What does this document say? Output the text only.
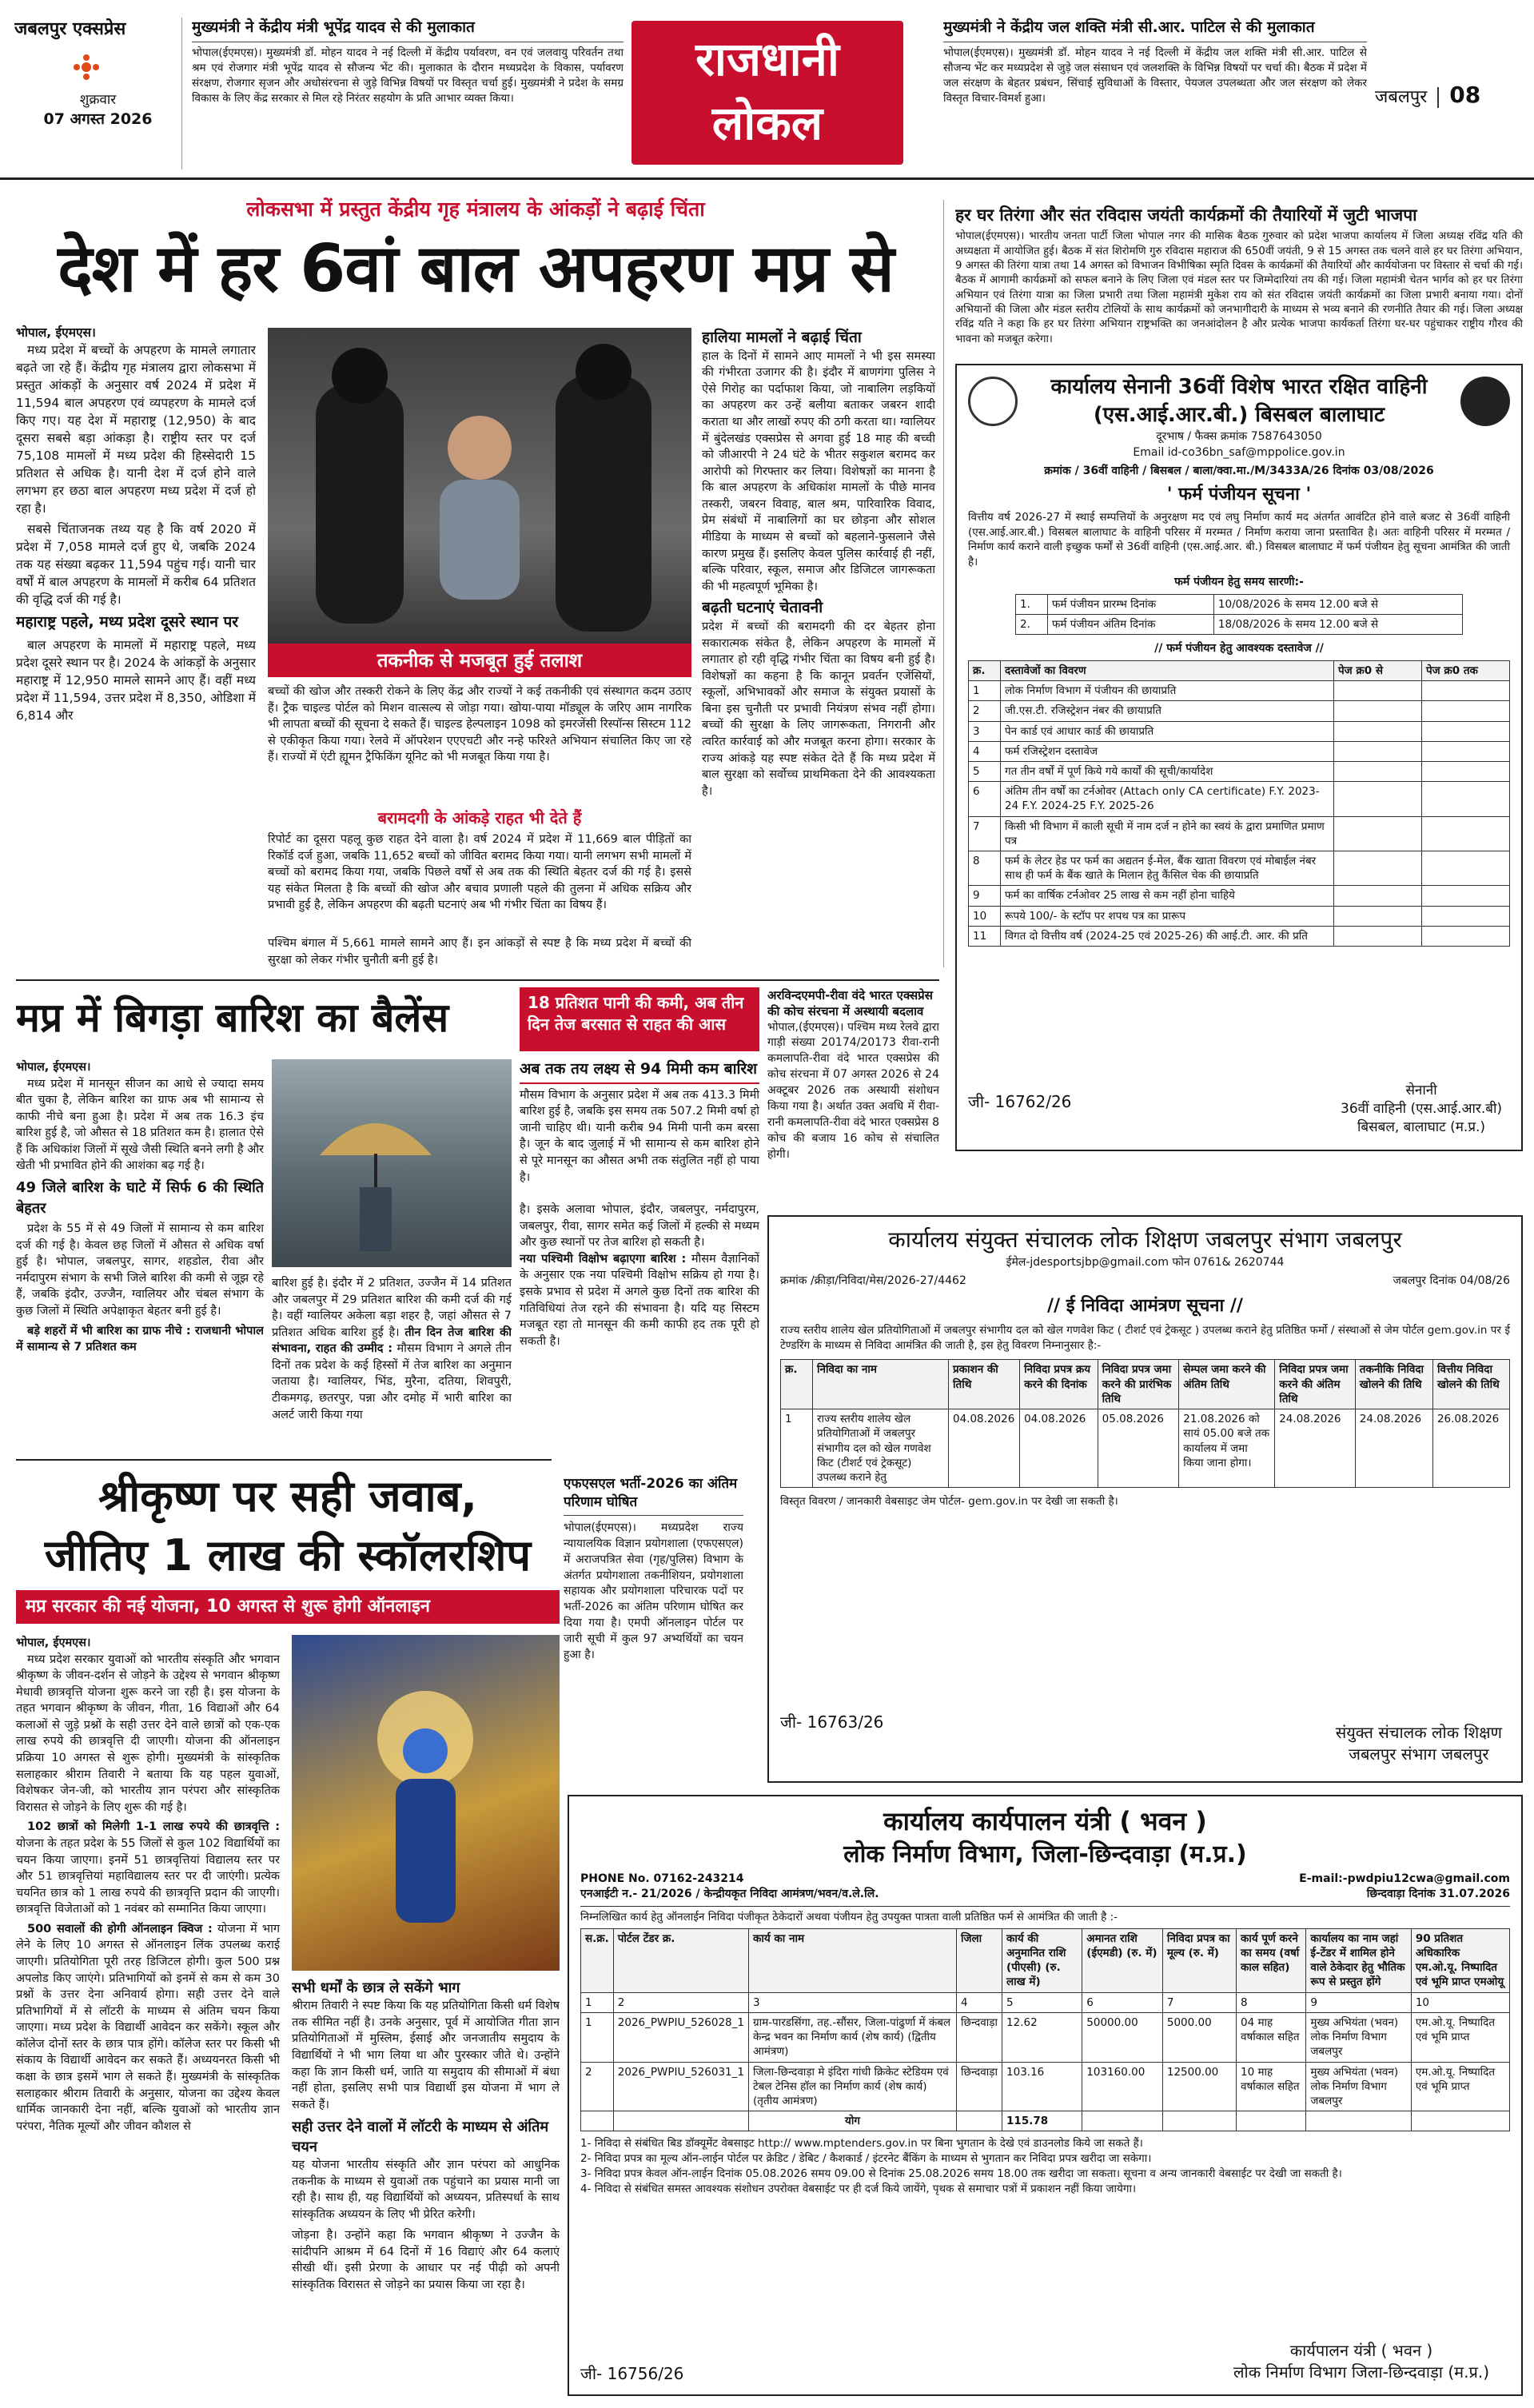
जबलपुर एक्सप्रेस
शुक्रवार
07 अगस्त 2026
मुख्यमंत्री ने केंद्रीय मंत्री भूपेंद्र यादव से की मुलाकात
भोपाल(ईएमएस)। मुख्यमंत्री डॉ. मोहन यादव ने नई दिल्ली में केंद्रीय पर्यावरण, वन एवं जलवायु परिवर्तन तथा श्रम एवं रोजगार मंत्री भूपेंद्र यादव से सौजन्य भेंट की। मुलाकात के दौरान मध्यप्रदेश के विकास, पर्यावरण संरक्षण, रोजगार सृजन और अधोसंरचना से जुड़े विभिन्न विषयों पर विस्तृत चर्चा हुई। मुख्यमंत्री ने प्रदेश के समग्र विकास के लिए केंद्र सरकार से मिल रहे निरंतर सहयोग के प्रति आभार व्यक्त किया।
राजधानी
लोकल
मुख्यमंत्री ने केंद्रीय जल शक्ति मंत्री सी.आर. पाटिल से की मुलाकात
भोपाल(ईएमएस)। मुख्यमंत्री डॉ. मोहन यादव ने नई दिल्ली में केंद्रीय जल शक्ति मंत्री सी.आर. पाटिल से सौजन्य भेंट कर मध्यप्रदेश से जुड़े जल संसाधन एवं जलशक्ति के विभिन्न विषयों पर चर्चा की। बैठक में प्रदेश में जल संरक्षण के बेहतर प्रबंधन, सिंचाई सुविधाओं के विस्तार, पेयजल उपलब्धता और जल संरक्षण को लेकर विस्तृत विचार-विमर्श हुआ।	जबलपुर 08
लोकसभा में प्रस्तुत केंद्रीय गृह मंत्रालय के आंकड़ों ने बढ़ाई चिंता
देश में हर 6वां बाल अपहरण मप्र से
भोपाल, ईएमएस।

मध्य प्रदेश में बच्चों के अपहरण के मामले लगातार बढ़ते जा रहे हैं। केंद्रीय गृह मंत्रालय द्वारा लोकसभा में प्रस्तुत आंकड़ों के अनुसार वर्ष 2024 में प्रदेश में 11,594 बाल अपहरण एवं व्यपहरण के मामले दर्ज किए गए। यह देश में महाराष्ट्र (12,950) के बाद दूसरा सबसे बड़ा आंकड़ा है। राष्ट्रीय स्तर पर दर्ज 75,108 मामलों में मध्य प्रदेश की हिस्सेदारी 15 प्रतिशत से अधिक है। यानी देश में दर्ज होने वाले लगभग हर छठा बाल अपहरण मध्य प्रदेश में दर्ज हो रहा है।

सबसे चिंताजनक तथ्य यह है कि वर्ष 2020 में प्रदेश में 7,058 मामले दर्ज हुए थे, जबकि 2024 तक यह संख्या बढ़कर 11,594 पहुंच गई। यानी चार वर्षों में बाल अपहरण के मामलों में करीब 64 प्रतिशत की वृद्धि दर्ज की गई है।

महाराष्ट्र पहले, मध्य प्रदेश दूसरे स्थान पर

बाल अपहरण के मामलों में महाराष्ट्र पहले, मध्य प्रदेश दूसरे स्थान पर है। 2024 के आंकड़ों के अनुसार महाराष्ट्र में 12,950 मामले सामने आए हैं। वहीं मध्य प्रदेश में 11,594, उत्तर प्रदेश में 8,350, ओडिशा में 6,814 और

तकनीक से मजबूत हुई तलाश
बच्चों की खोज और तस्करी रोकने के लिए केंद्र और राज्यों ने कई तकनीकी एवं संस्थागत कदम उठाए हैं। ट्रैक चाइल्ड पोर्टल को मिशन वात्सल्य से जोड़ा गया। खोया-पाया मॉड्यूल के जरिए आम नागरिक भी लापता बच्चों की सूचना दे सकते हैं। चाइल्ड हेल्पलाइन 1098 को इमरजेंसी रिस्पॉन्स सिस्टम 112 से एकीकृत किया गया। रेलवे में ऑपरेशन एएएचटी और नन्हे फरिश्ते अभियान संचालित किए जा रहे हैं। राज्यों में एंटी ह्यूमन ट्रैफिकिंग यूनिट को भी मजबूत किया गया है।
बरामदगी के आंकड़े राहत भी देते हैं
रिपोर्ट का दूसरा पहलू कुछ राहत देने वाला है। वर्ष 2024 में प्रदेश में 11,669 बाल पीड़ितों का रिकॉर्ड दर्ज हुआ, जबकि 11,652 बच्चों को जीवित बरामद किया गया। यानी लगभग सभी मामलों में बच्चों को बरामद किया गया, जबकि पिछले वर्षों से अब तक की स्थिति बेहतर दर्ज की गई है। इससे यह संकेत मिलता है कि बच्चों की खोज और बचाव प्रणाली पहले की तुलना में अधिक सक्रिय और प्रभावी हुई है, लेकिन अपहरण की बढ़ती घटनाएं अब भी गंभीर चिंता का विषय हैं।
पश्चिम बंगाल में 5,661 मामले सामने आए हैं। इन आंकड़ों से स्पष्ट है कि मध्य प्रदेश में बच्चों की सुरक्षा को लेकर गंभीर चुनौती बनी हुई है।
हालिया मामलों ने बढ़ाई चिंता
हाल के दिनों में सामने आए मामलों ने भी इस समस्या की गंभीरता उजागर की है। इंदौर में बाणगंगा पुलिस ने ऐसे गिरोह का पर्दाफाश किया, जो नाबालिग लड़कियों का अपहरण कर उन्हें बलीया बताकर जबरन शादी कराता था और लाखों रुपए की ठगी करता था। ग्वालियर में बुंदेलखंड एक्सप्रेस से अगवा हुई 18 माह की बच्ची को जीआरपी ने 24 घंटे के भीतर सकुशल बरामद कर आरोपी को गिरफ्तार कर लिया। विशेषज्ञों का मानना है कि बाल अपहरण के अधिकांश मामलों के पीछे मानव तस्करी, जबरन विवाह, बाल श्रम, पारिवारिक विवाद, प्रेम संबंधों में नाबालिगों का घर छोड़ना और सोशल मीडिया के माध्यम से बच्चों को बहलाने-फुसलाने जैसे कारण प्रमुख हैं। इसलिए केवल पुलिस कार्रवाई ही नहीं, बल्कि परिवार, स्कूल, समाज और डिजिटल जागरूकता की भी महत्वपूर्ण भूमिका है।
बढ़ती घटनाएं चेतावनी
प्रदेश में बच्चों की बरामदगी की दर बेहतर होना सकारात्मक संकेत है, लेकिन अपहरण के मामलों में लगातार हो रही वृद्धि गंभीर चिंता का विषय बनी हुई है। विशेषज्ञों का कहना है कि कानून प्रवर्तन एजेंसियों, स्कूलों, अभिभावकों और समाज के संयुक्त प्रयासों के बिना इस चुनौती पर प्रभावी नियंत्रण संभव नहीं होगा। बच्चों की सुरक्षा के लिए जागरूकता, निगरानी और त्वरित कार्रवाई को और मजबूत करना होगा। सरकार के राज्य आंकड़े यह स्पष्ट संकेत देते हैं कि मध्य प्रदेश में बाल सुरक्षा को सर्वोच्च प्राथमिकता देने की आवश्यकता है।
हर घर तिरंगा और संत रविदास जयंती कार्यक्रमों की तैयारियों में जुटी भाजपा
भोपाल(ईएमएस)। भारतीय जनता पार्टी जिला भोपाल नगर की मासिक बैठक गुरुवार को प्रदेश भाजपा कार्यालय में जिला अध्यक्ष रविंद्र यति की अध्यक्षता में आयोजित हुई। बैठक में संत शिरोमणि गुरु रविदास महाराज की 650वीं जयंती, 9 से 15 अगस्त तक चलने वाले हर घर तिरंगा अभियान, 9 अगस्त की तिरंगा यात्रा तथा 14 अगस्त को विभाजन विभीषिका स्मृति दिवस के कार्यक्रमों की तैयारियों और कार्ययोजना पर विस्तार से चर्चा की गई। बैठक में आगामी कार्यक्रमों को सफल बनाने के लिए जिला एवं मंडल स्तर पर जिम्मेदारियां तय की गई। जिला महामंत्री चेतन भार्गव को हर घर तिरंगा अभियान एवं तिरंगा यात्रा का जिला प्रभारी तथा जिला महामंत्री मुकेश राय को संत रविदास जयंती कार्यक्रमों का जिला प्रभारी बनाया गया। दोनों अभियानों की जिला और मंडल स्तरीय टोलियों के साथ कार्यक्रमों को जनभागीदारी के माध्यम से भव्य बनाने की रणनीति तैयार की गई। जिला अध्यक्ष रविंद्र यति ने कहा कि हर घर तिरंगा अभियान राष्ट्रभक्ति का जनआंदोलन है और प्रत्येक भाजपा कार्यकर्ता तिरंगा घर-घर पहुंचाकर राष्ट्रीय गौरव की भावना को मजबूत करेगा।
कार्यालय सेनानी 36वीं विशेष भारत रक्षित वाहिनी
(एस.आई.आर.बी.) बिसबल बालाघाट
दूरभाष / फैक्स क्रमांक 7587643050
Email id-co36bn_saf@mppolice.gov.in
क्रमांक / 36वीं वाहिनी / बिसबल / बाला/क्वा.मा./M/3433A/26 दिनांक 03/08/2026
' फर्म पंजीयन सूचना '
वित्तीय वर्ष 2026-27 में स्थाई सम्पत्तियों के अनुरक्षण मद एवं लघु निर्माण कार्य मद अंतर्गत आवंटित होने वाले बजट से 36वीं वाहिनी (एस.आई.आर.बी.) विसबल बालाघाट के वाहिनी परिसर में मरम्मत / निर्माण कराया जाना प्रस्तावित है। अतः वाहिनी परिसर में मरम्मत / निर्माण कार्य कराने वाली इच्छुक फर्मों से 36वीं वाहिनी (एस.आई.आर. बी.) विसबल बालाघाट में फर्म पंजीयन हेतु सूचना आमंत्रित की जाती है।
फर्म पंजीयन हेतु समय सारणी:-
1.	फर्म पंजीयन प्रारम्भ दिनांक	10/08/2026 के समय 12.00 बजे से
2.	फर्म पंजीयन अंतिम दिनांक	18/08/2026 के समय 12.00 बजे से
// फर्म पंजीयन हेतु आवश्यक दस्तावेज //
क्र.	दस्तावेजों का विवरण	पेज क्र0 से	पेज क्र0 तक
1	लोक निर्माण विभाग में पंजीयन की छायाप्रति		
2	जी.एस.टी. रजिस्ट्रेशन नंबर की छायाप्रति		
3	पेन कार्ड एवं आधार कार्ड की छायाप्रति		
4	फर्म रजिस्ट्रेशन दस्तावेज		
5	गत तीन वर्षों में पूर्ण किये गये कार्यों की सूची/कार्यादेश		
6	अंतिम तीन वर्षों का टर्नओवर (Attach only CA certificate) F.Y. 2023-24 F.Y. 2024-25 F.Y. 2025-26		
7	किसी भी विभाग में काली सूची में नाम दर्ज न होने का स्वयं के द्वारा प्रमाणित प्रमाण पत्र		
8	फर्म के लेटर हेड पर फर्म का अद्यतन ई-मेल, बैंक खाता विवरण एवं मोबाईल नंबर साथ ही फर्म के बैंक खाते के मिलान हेतु कैंसिल चेक की छायाप्रति		
9	फर्म का वार्षिक टर्नओवर 25 लाख से कम नहीं होना चाहिये		
10	रूपये 100/- के स्टॉप पर शपथ पत्र का प्रारूप		
11	विगत दो वित्तीय वर्ष (2024-25 एवं 2025-26) की आई.टी. आर. की प्रति		
जी- 16762/26
सेनानी
36वीं वाहिनी (एस.आई.आर.बी)
बिसबल, बालाघाट (म.प्र.)
मप्र में बिगड़ा बारिश का बैलेंस	18 प्रतिशत पानी की कमी, अब तीन दिन तेज बरसात से राहत की आस
भोपाल, ईएमएस।

मध्य प्रदेश में मानसून सीजन का आधे से ज्यादा समय बीत चुका है, लेकिन बारिश का ग्राफ अब भी सामान्य से काफी नीचे बना हुआ है। प्रदेश में अब तक 16.3 इंच बारिश हुई है, जो औसत से 18 प्रतिशत कम है। हालात ऐसे हैं कि अधिकांश जिलों में सूखे जैसी स्थिति बनने लगी है और खेती भी प्रभावित होने की आशंका बढ़ गई है।

49 जिले बारिश के घाटे में सिर्फ 6 की स्थिति बेहतर

प्रदेश के 55 में से 49 जिलों में सामान्य से कम बारिश दर्ज की गई है। केवल छह जिलों में औसत से अधिक वर्षा हुई है। भोपाल, जबलपुर, सागर, शहडोल, रीवा और नर्मदापुरम संभाग के सभी जिले बारिश की कमी से जूझ रहे हैं, जबकि इंदौर, उज्जैन, ग्वालियर और चंबल संभाग के कुछ जिलों में स्थिति अपेक्षाकृत बेहतर बनी हुई है।

बड़े शहरों में भी बारिश का ग्राफ नीचे : राजधानी भोपाल में सामान्य से 7 प्रतिशत कम

बारिश हुई है। इंदौर में 2 प्रतिशत, उज्जैन में 14 प्रतिशत और जबलपुर में 29 प्रतिशत बारिश की कमी दर्ज की गई है। वहीं ग्वालियर अकेला बड़ा शहर है, जहां औसत से 7 प्रतिशत अधिक बारिश हुई है। तीन दिन तेज बारिश की संभावना, राहत की उम्मीद : मौसम विभाग ने अगले तीन दिनों तक प्रदेश के कई हिस्सों में तेज बारिश का अनुमान जताया है। ग्वालियर, भिंड, मुरैना, दतिया, शिवपुरी, टीकमगढ़, छतरपुर, पन्ना और दमोह में भारी बारिश का अलर्ट जारी किया गया
अब तक तय लक्ष्य से 94 मिमी कम बारिश
मौसम विभाग के अनुसार प्रदेश में अब तक 413.3 मिमी बारिश हुई है, जबकि इस समय तक 507.2 मिमी वर्षा हो जानी चाहिए थी। यानी करीब 94 मिमी पानी कम बरसा है। जून के बाद जुलाई में भी सामान्य से कम बारिश होने से पूरे मानसून का औसत अभी तक संतुलित नहीं हो पाया है।
है। इसके अलावा भोपाल, इंदौर, जबलपुर, नर्मदापुरम, जबलपुर, रीवा, सागर समेत कई जिलों में हल्की से मध्यम और कुछ स्थानों पर तेज बारिश हो सकती है।
नया पश्चिमी विक्षोभ बढ़ाएगा बारिश : मौसम वैज्ञानिकों के अनुसार एक नया पश्चिमी विक्षोभ सक्रिय हो गया है। इसके प्रभाव से प्रदेश में अगले कुछ दिनों तक बारिश की गतिविधियां तेज रहने की संभावना है। यदि यह सिस्टम मजबूत रहा तो मानसून की कमी काफी हद तक पूरी हो सकती है।
अरविन्दएमपी-रीवा वंदे भारत एक्सप्रेस की कोच संरचना में अस्थायी बदलाव
भोपाल,(ईएमएस)। पश्चिम मध्य रेलवे द्वारा गाड़ी संख्या 20174/20173 रीवा-रानी कमलापति-रीवा वंदे भारत एक्सप्रेस की कोच संरचना में 07 अगस्त 2026 से 24 अक्टूबर 2026 तक अस्थायी संशोधन किया गया है। अर्थात उक्त अवधि में रीवा-रानी कमलापति-रीवा वंदे भारत एक्सप्रेस 8 कोच की बजाय 16 कोच से संचालित होगी।
श्रीकृष्ण पर सही जवाब,
जीतिए 1 लाख की स्कॉलरशिप
मप्र सरकार की नई योजना, 10 अगस्त से शुरू होगी ऑनलाइन
भोपाल, ईएमएस।

मध्य प्रदेश सरकार युवाओं को भारतीय संस्कृति और भगवान श्रीकृष्ण के जीवन-दर्शन से जोड़ने के उद्देश्य से भगवान श्रीकृष्ण मेधावी छात्रवृत्ति योजना शुरू करने जा रही है। इस योजना के तहत भगवान श्रीकृष्ण के जीवन, गीता, 16 विद्याओं और 64 कलाओं से जुड़े प्रश्नों के सही उत्तर देने वाले छात्रों को एक-एक लाख रुपये की छात्रवृत्ति दी जाएगी। योजना की ऑनलाइन प्रक्रिया 10 अगस्त से शुरू होगी। मुख्यमंत्री के सांस्कृतिक सलाहकार श्रीराम तिवारी ने बताया कि यह पहल युवाओं, विशेषकर जेन-जी, को भारतीय ज्ञान परंपरा और सांस्कृतिक विरासत से जोड़ने के लिए शुरू की गई है।

102 छात्रों को मिलेगी 1-1 लाख रुपये की छात्रवृत्ति : योजना के तहत प्रदेश के 55 जिलों से कुल 102 विद्यार्थियों का चयन किया जाएगा। इनमें 51 छात्रवृत्तियां विद्यालय स्तर पर और 51 छात्रवृत्तियां महाविद्यालय स्तर पर दी जाएंगी। प्रत्येक चयनित छात्र को 1 लाख रुपये की छात्रवृत्ति प्रदान की जाएगी। छात्रवृत्ति विजेताओं को 1 नवंबर को सम्मानित किया जाएगा।

500 सवालों की होगी ऑनलाइन क्विज : योजना में भाग लेने के लिए 10 अगस्त से ऑनलाइन लिंक उपलब्ध कराई जाएगी। प्रतियोगिता पूरी तरह डिजिटल होगी। कुल 500 प्रश्न अपलोड किए जाएंगे। प्रतिभागियों को इनमें से कम से कम 30 प्रश्नों के उत्तर देना अनिवार्य होगा। सही उत्तर देने वाले प्रतिभागियों में से लॉटरी के माध्यम से अंतिम चयन किया जाएगा। मध्य प्रदेश के विद्यार्थी आवेदन कर सकेंगे। स्कूल और कॉलेज दोनों स्तर के छात्र पात्र होंगे। कॉलेज स्तर पर किसी भी संकाय के विद्यार्थी आवेदन कर सकते हैं। अध्ययनरत किसी भी कक्षा के छात्र इसमें भाग ले सकते हैं। मुख्यमंत्री के सांस्कृतिक सलाहकार श्रीराम तिवारी के अनुसार, योजना का उद्देश्य केवल धार्मिक जानकारी देना नहीं, बल्कि युवाओं को भारतीय ज्ञान परंपरा, नैतिक मूल्यों और जीवन कौशल से

सभी धर्मों के छात्र ले सकेंगे भाग
श्रीराम तिवारी ने स्पष्ट किया कि यह प्रतियोगिता किसी धर्म विशेष तक सीमित नहीं है। उनके अनुसार, पूर्व में आयोजित गीता ज्ञान प्रतियोगिताओं में मुस्लिम, ईसाई और जनजातीय समुदाय के विद्यार्थियों ने भी भाग लिया था और पुरस्कार जीते थे। उन्होंने कहा कि ज्ञान किसी धर्म, जाति या समुदाय की सीमाओं में बंधा नहीं होता, इसलिए सभी पात्र विद्यार्थी इस योजना में भाग ले सकते हैं।
सही उत्तर देने वालों में लॉटरी के माध्यम से अंतिम चयन
यह योजना भारतीय संस्कृति और ज्ञान परंपरा को आधुनिक तकनीक के माध्यम से युवाओं तक पहुंचाने का प्रयास मानी जा रही है। साथ ही, यह विद्यार्थियों को अध्ययन, प्रतिस्पर्धा के साथ सांस्कृतिक अध्ययन के लिए भी प्रेरित करेगी।
जोड़ना है। उन्होंने कहा कि भगवान श्रीकृष्ण ने उज्जैन के सांदीपनि आश्रम में 64 दिनों में 16 विद्याएं और 64 कलाएं सीखी थीं। इसी प्रेरणा के आधार पर नई पीढ़ी को अपनी सांस्कृतिक विरासत से जोड़ने का प्रयास किया जा रहा है।
एफएसएल भर्ती-2026 का अंतिम परिणाम घोषित
भोपाल(ईएमएस)। मध्यप्रदेश राज्य न्यायालयिक विज्ञान प्रयोगशाला (एफएसएल) में अराजपत्रित सेवा (गृह/पुलिस) विभाग के अंतर्गत प्रयोगशाला तकनीशियन, प्रयोगशाला सहायक और प्रयोगशाला परिचारक पदों पर भर्ती-2026 का अंतिम परिणाम घोषित कर दिया गया है। एमपी ऑनलाइन पोर्टल पर जारी सूची में कुल 97 अभ्यर्थियों का चयन हुआ है।
कार्यालय संयुक्त संचालक लोक शिक्षण जबलपुर संभाग जबलपुर
ईमेल-jdesportsjbp@gmail.com फोन 0761& 2620744
क्रमांक /क्रीड़ा/निविदा/मेस/2026-27/4462	जबलपुर दिनांक 04/08/26
// ई निविदा आमंत्रण सूचना //
राज्य स्तरीय शालेय खेल प्रतियोगिताओं में जबलपुर संभागीय दल को खेल गणवेश किट ( टीशर्ट एवं ट्रेकसूट ) उपलब्ध कराने हेतु प्रतिष्ठित फर्मो / संस्थाओं से जेम पोर्टल gem.gov.in पर ई टेण्डरिंग के माध्यम से निविदा आमंत्रित की जाती है, इस हेतु विवरण निम्नानुसार है:-
क्र.	निविदा का नाम	प्रकाशन की तिथि	निविदा प्रपत्र क्रय करने की दिनांक	निविदा प्रपत्र जमा करने की प्रारंभिक तिथि	सेम्पल जमा करने की अंतिम तिथि	निविदा प्रपत्र जमा करने की अंतिम तिथि	तकनीकि निविदा खोलने की तिथि	वित्तीय निविदा खोलने की तिथि
1	राज्य स्तरीय शालेय खेल प्रतियोगिताओं में जबलपुर संभागीय दल को खेल गणवेश किट (टीशर्ट एवं ट्रेकसूट) उपलब्ध कराने हेतु	04.08.2026	04.08.2026	05.08.2026	21.08.2026 को सायं 05.00 बजे तक कार्यालय में जमा किया जाना होगा।	24.08.2026	24.08.2026	26.08.2026
विस्तृत विवरण / जानकारी वेबसाइट जेम पोर्टल- gem.gov.in पर देखी जा सकती है।
जी- 16763/26
संयुक्त संचालक लोक शिक्षण
जबलपुर संभाग जबलपुर
कार्यालय कार्यपालन यंत्री ( भवन )
लोक निर्माण विभाग, जिला-छिन्दवाड़ा (म.प्र.)
PHONE No. 07162-243214	E-mail:-pwdpiu12cwa@gmail.com
एनआईटी न.- 21/2026 / केन्द्रीयकृत निविदा आमंत्रण/भवन/व.ले.लि.	छिन्दवाड़ा दिनांक 31.07.2026
निम्नलिखित कार्य हेतु ऑनलाईन निविदा पंजीकृत ठेकेदारों अथवा पंजीयन हेतु उपयुक्त पात्रता वाली प्रतिष्ठित फर्म से आमंत्रित की जाती है :-
स.क्र.	पोर्टल टेंडर क्र.	कार्य का नाम	जिला	कार्य की अनुमानित राशि (पीएसी) (रु. लाख में)	अमानत राशि (ईएमडी) (रु. में)	निविदा प्रपत्र का मूल्य (रु. में)	कार्य पूर्ण करने का समय (वर्षा काल सहित)	कार्यालय का नाम जहां ई-टेंडर में शामिल होने वाले ठेकेदार हेतु भौतिक रूप से प्रस्तुत होंगे	90 प्रतिशत अधिकारिक एम.ओ.यू. निष्पादित एवं भूमि प्राप्त एमओयू
1	2	3	4	5	6	7	8	9	10
1	2026_PWPIU_526028_1	ग्राम-पारडसिंगा, तह.-सौंसर, जिला-पांढुर्णा में कंबल केन्द्र भवन का निर्माण कार्य (शेष कार्य) (द्वितीय आमंत्रण)	छिन्दवाड़ा	12.62	50000.00	5000.00	04 माह वर्षाकाल सहित	मुख्य अभियंता (भवन) लोक निर्माण विभाग जबलपुर	एम.ओ.यू. निष्पादित एवं भूमि प्राप्त
2	2026_PWPIU_526031_1	जिला-छिन्दवाड़ा मे इंदिरा गांधी क्रिकेट स्टेडियम एवं टेबल टेनिस हॉल का निर्माण कार्य (शेष कार्य) (तृतीय आमंत्रण)	छिन्दवाड़ा	103.16	103160.00	12500.00	10 माह वर्षाकाल सहित	मुख्य अभियंता (भवन) लोक निर्माण विभाग जबलपुर	एम.ओ.यू. निष्पादित एवं भूमि प्राप्त
		योग		115.78					
1- निविदा से संबंधित बिड डॉक्यूमेंट वेबसाइट http:// www.mptenders.gov.in पर बिना भुगतान के देखे एवं डाउनलोड किये जा सकते हैं।
2- निविदा प्रपत्र का मूल्य ऑन-लाईन पोर्टल पर क्रेडिट / डेबिट / कैशकार्ड / इंटरनेट बैंकिंग के माध्यम से भुगतान कर निविदा प्रपत्र खरीदा जा सकेगा।
3- निविदा प्रपत्र केवल ऑन-लाईन दिनांक 05.08.2026 समय 09.00 से दिनांक 25.08.2026 समय 18.00 तक खरीदा जा सकता। सूचना व अन्य जानकारी वेबसाईट पर देखी जा सकती है।
4- निविदा से संबंधित समस्त आवश्यक संशोधन उपरोक्त वेबसाईट पर ही दर्ज किये जायेंगे, पृथक से समाचार पत्रों में प्रकाशन नहीं किया जायेगा।
जी- 16756/26
कार्यपालन यंत्री ( भवन )
लोक निर्माण विभाग जिला-छिन्दवाड़ा (म.प्र.)
